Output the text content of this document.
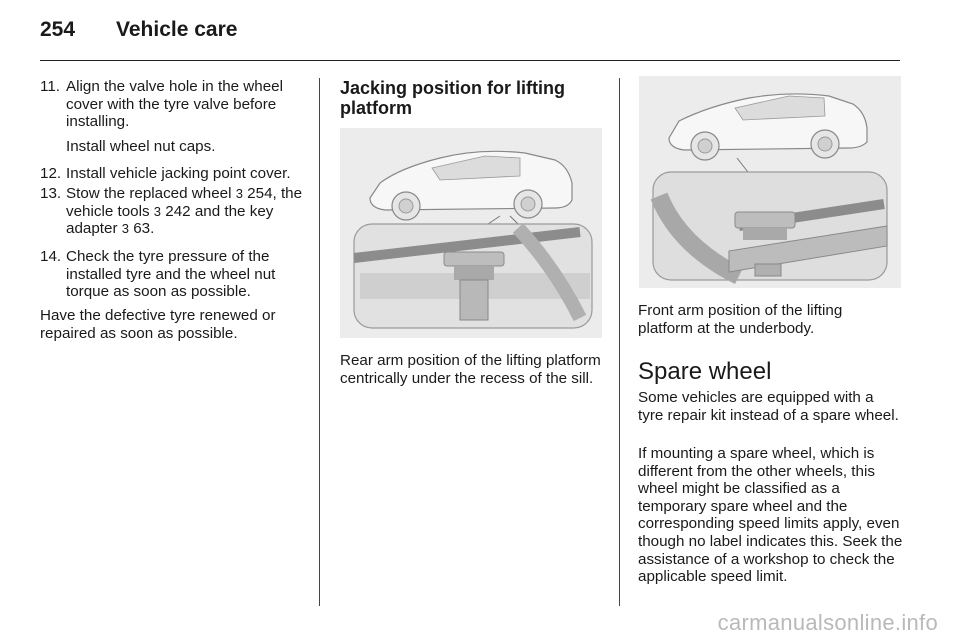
254 Vehicle care
11. Align the valve hole in the wheel cover with the tyre valve before installing.
Install wheel nut caps.
12. Install vehicle jacking point cover.
13. Stow the replaced wheel 3 254, the vehicle tools 3 242 and the key adapter 3 63.
14. Check the tyre pressure of the installed tyre and the wheel nut torque as soon as possible.

Have the defective tyre renewed or repaired as soon as possible.

Jacking position for lifting platform

Rear arm position of the lifting platform centrically under the recess of the sill.

Front arm position of the lifting platform at the underbody.

Spare wheel

Some vehicles are equipped with a tyre repair kit instead of a spare wheel.

If mounting a spare wheel, which is different from the other wheels, this wheel might be classified as a temporary spare wheel and the corresponding speed limits apply, even though no label indicates this. Seek the assistance of a workshop to check the applicable speed limit.

carmanualsonline.info
